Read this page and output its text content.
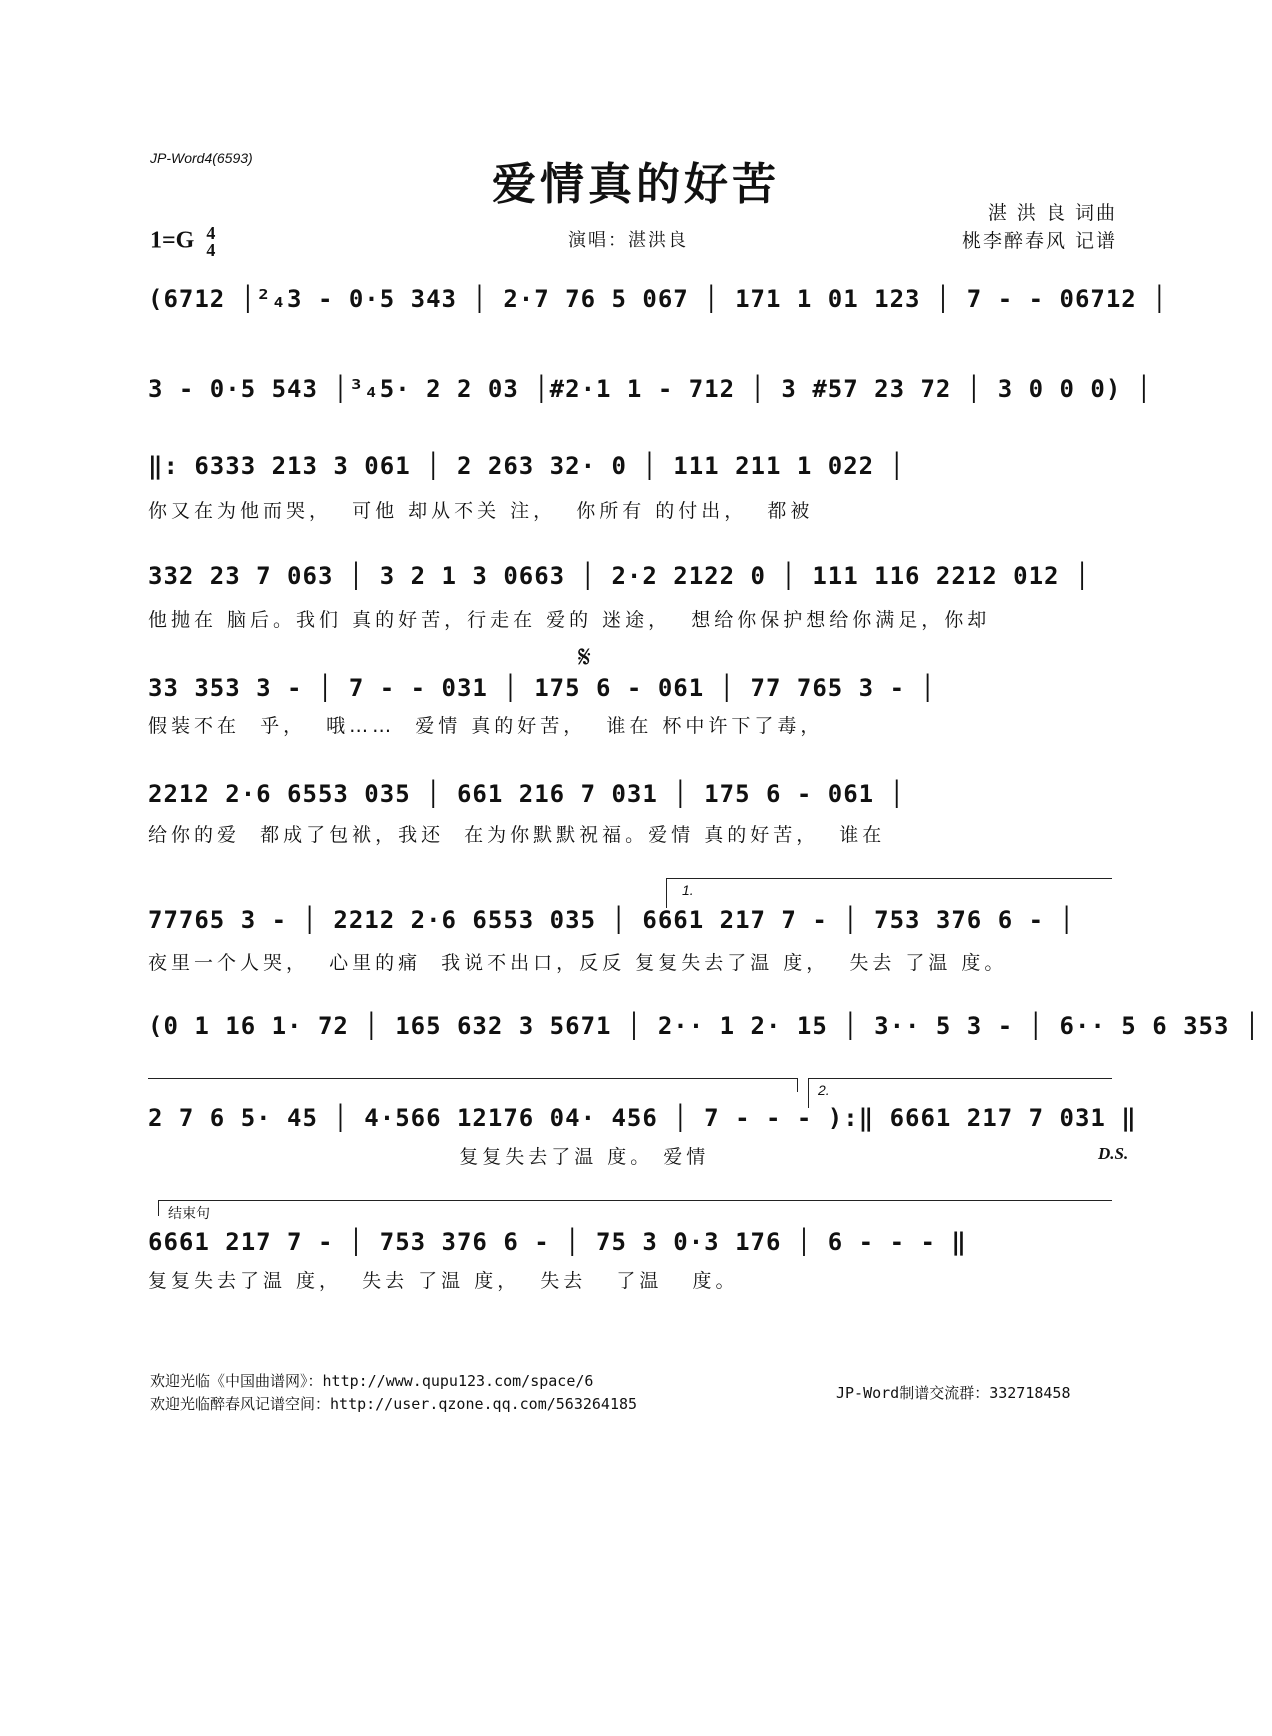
JP-Word4(6593)
爱情真的好苦
1=G 4
4	演唱：湛洪良
湛 洪 良 词曲
桃李醉春风 记谱
(6712 │²₄3 - 0·5 343 │ 2·7 76 5 067 │ 171 1 01 123 │ 7 - - 06712 │
3 - 0·5 543 │³₄5· 2 2 03 │#2·1 1 - 712 │ 3 #57 23 72 │ 3 0 0 0) │
‖: 6333 213 3 061 │ 2 263 32· 0 │ 111 211 1 022 │
你又在为他而哭，  可他 却从不关 注，  你所有 的付出，  都被
332 23 7 063 │ 3 2 1 3 0663 │ 2·2 2122 0 │ 111 116 2212 012 │
他抛在 脑后。我们 真的好苦，行走在 爱的 迷途，  想给你保护想给你满足，你却
𝄋
33 353 3 - │ 7 - - 031 │ 175 6 - 061 │ 77 765 3 - │
假装不在  乎，  哦……  爱情 真的好苦，  谁在 杯中许下了毒，
2212 2·6 6553 035 │ 661 216 7 031 │ 175 6 - 061 │
给你的爱  都成了包袱，我还  在为你默默祝福。爱情 真的好苦，  谁在
1.
77765 3 - │ 2212 2·6 6553 035 │ 6661 217 7 - │ 753 376 6 - │
夜里一个人哭，  心里的痛  我说不出口，反反 复复失去了温 度，  失去 了温 度。
(0 1 16 1· 72 │ 165 632 3 5671 │ 2·· 1 2· 15 │ 3·· 5 3 - │ 6·· 5 6 353 │
2.
2 7 6 5· 45 │ 4·566 12176 04· 456 │ 7 - - - ):‖ 6661 217 7 031 ‖
复复失去了温 度。 爱情	D.S.
结束句
6661 217 7 - │ 753 376 6 - │ 75 3 0·3 176 │ 6 - - - ‖
复复失去了温 度，  失去 了温 度，  失去   了温   度。
欢迎光临《中国曲谱网》：http://www.qupu123.com/space/6
欢迎光临醉春风记谱空间：http://user.qzone.qq.com/563264185
JP-Word制谱交流群：332718458
